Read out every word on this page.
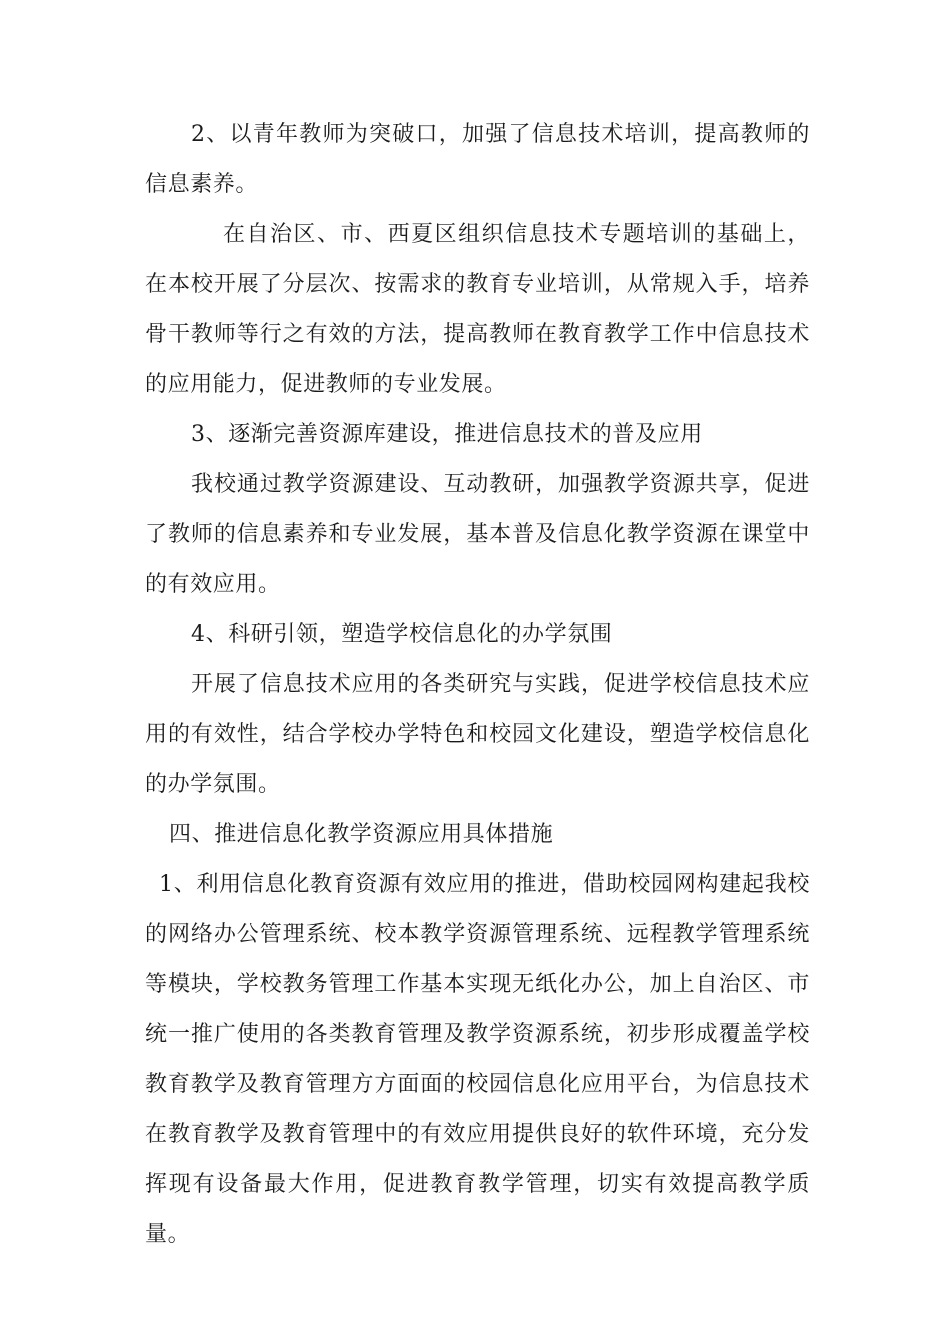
2、以青年教师为突破口，加强了信息技术培训，提高教师的信息素养。

在自治区、市、西夏区组织信息技术专题培训的基础上，在本校开展了分层次、按需求的教育专业培训，从常规入手，培养骨干教师等行之有效的方法，提高教师在教育教学工作中信息技术的应用能力，促进教师的专业发展。

3、逐渐完善资源库建设，推进信息技术的普及应用

我校通过教学资源建设、互动教研，加强教学资源共享，促进了教师的信息素养和专业发展，基本普及信息化教学资源在课堂中的有效应用。

4、科研引领，塑造学校信息化的办学氛围

开展了信息技术应用的各类研究与实践，促进学校信息技术应用的有效性，结合学校办学特色和校园文化建设，塑造学校信息化的办学氛围。

四、推进信息化教学资源应用具体措施

1、利用信息化教育资源有效应用的推进，借助校园网构建起我校的网络办公管理系统、校本教学资源管理系统、远程教学管理系统等模块，学校教务管理工作基本实现无纸化办公，加上自治区、市统一推广使用的各类教育管理及教学资源系统，初步形成覆盖学校教育教学及教育管理方方面面的校园信息化应用平台，为信息技术在教育教学及教育管理中的有效应用提供良好的软件环境，充分发挥现有设备最大作用，促进教育教学管理，切实有效提高教学质量。
